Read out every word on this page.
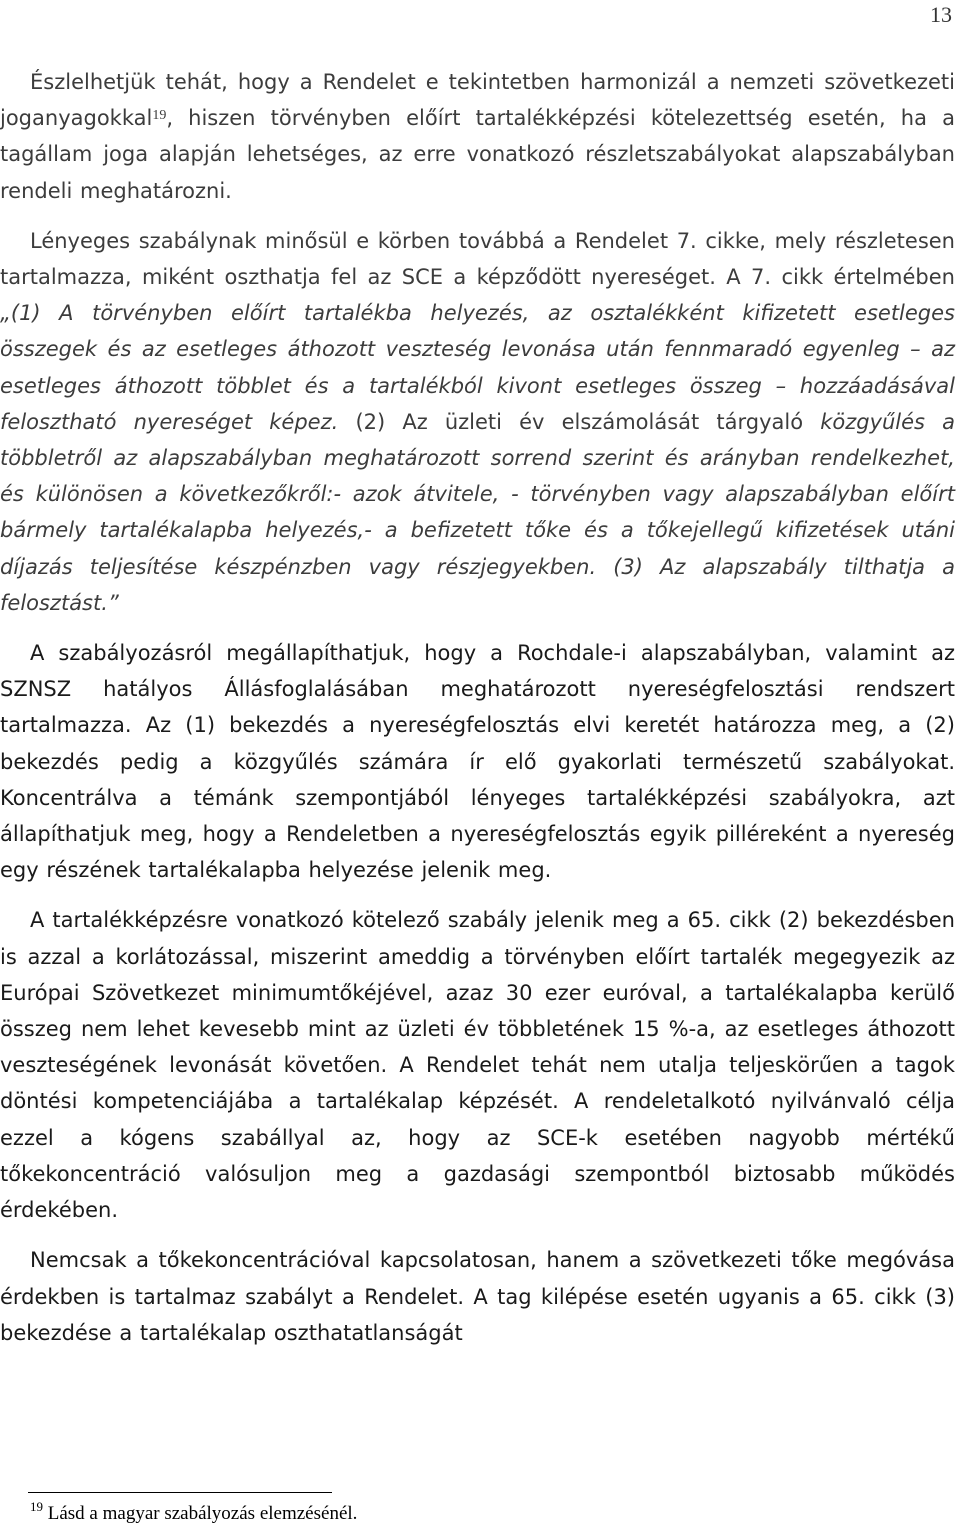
13

Észlelhetjük tehát, hogy a Rendelet e tekintetben harmonizál a nemzeti szövetkezeti joganyagokkal$^{19}$, hiszen törvényben előírt tartalékképzési kötelezettség esetén, ha a tagállam joga alapján lehetséges, az erre vonatkozó részletszabályokat alapszabályban rendeli meghatározni.

Lényeges szabálynak minősül e körben továbbá a Rendelet 7. cikke, mely részletesen tartalmazza, miként oszthatja fel az SCE a képződött nyereséget. A 7. cikk értelmében „(1) A törvényben előírt tartalékba helyezés, az osztalékként kifizetett esetleges összegek és az esetleges áthozott veszteség levonása után fennmaradó egyenleg – az esetleges áthozott többlet és a tartalékból kivont esetleges összeg – hozzáadásával felosztható nyereséget képez. (2) Az üzleti év elszámolását tárgyaló közgyűlés a többletről az alapszabályban meghatározott sorrend szerint és arányban rendelkezhet, és különösen a következőkről:- azok átvitele, - törvényben vagy alapszabályban előírt bármely tartalékalapba helyezés,- a befizetett tőke és a tőkejellegű kifizetések utáni díjazás teljesítése készpénzben vagy részjegyekben. (3) Az alapszabály tilthatja a felosztást.”

A szabályozásról megállapíthatjuk, hogy a Rochdale-i alapszabályban, valamint az SZNSZ hatályos Állásfoglalásában meghatározott nyereségfelosztási rendszert tartalmazza. Az (1) bekezdés a nyereségfelosztás elvi keretét határozza meg, a (2) bekezdés pedig a közgyűlés számára ír elő gyakorlati természetű szabályokat. Koncentrálva a témánk szempontjából lényeges tartalékképzési szabályokra, azt állapíthatjuk meg, hogy a Rendeletben a nyereségfelosztás egyik pilléreként a nyereség egy részének tartalékalapba helyezése jelenik meg.

A tartalékképzésre vonatkozó kötelező szabály jelenik meg a 65. cikk (2) bekezdésben is azzal a korlátozással, miszerint ameddig a törvényben előírt tartalék megegyezik az Európai Szövetkezet minimumtőkéjével, azaz 30 ezer euróval, a tartalékalapba kerülő összeg nem lehet kevesebb mint az üzleti év többletének 15 %-a, az esetleges áthozott veszteségének levonását követően. A Rendelet tehát nem utalja teljeskörűen a tagok döntési kompetenciájába a tartalékalap képzését. A rendeletalkotó nyilvánvaló célja ezzel a kógens szabállyal az, hogy az SCE-k esetében nagyobb mértékű tőkekoncentráció valósuljon meg a gazdasági szempontból biztosabb működés érdekében.

Nemcsak a tőkekoncentrációval kapcsolatosan, hanem a szövetkezeti tőke megóvása érdekben is tartalmaz szabályt a Rendelet. A tag kilépése esetén ugyanis a 65. cikk (3) bekezdése a tartalékalap oszthatatlanságát

$^{19}$ Lásd a magyar szabályozás elemzésénél.
